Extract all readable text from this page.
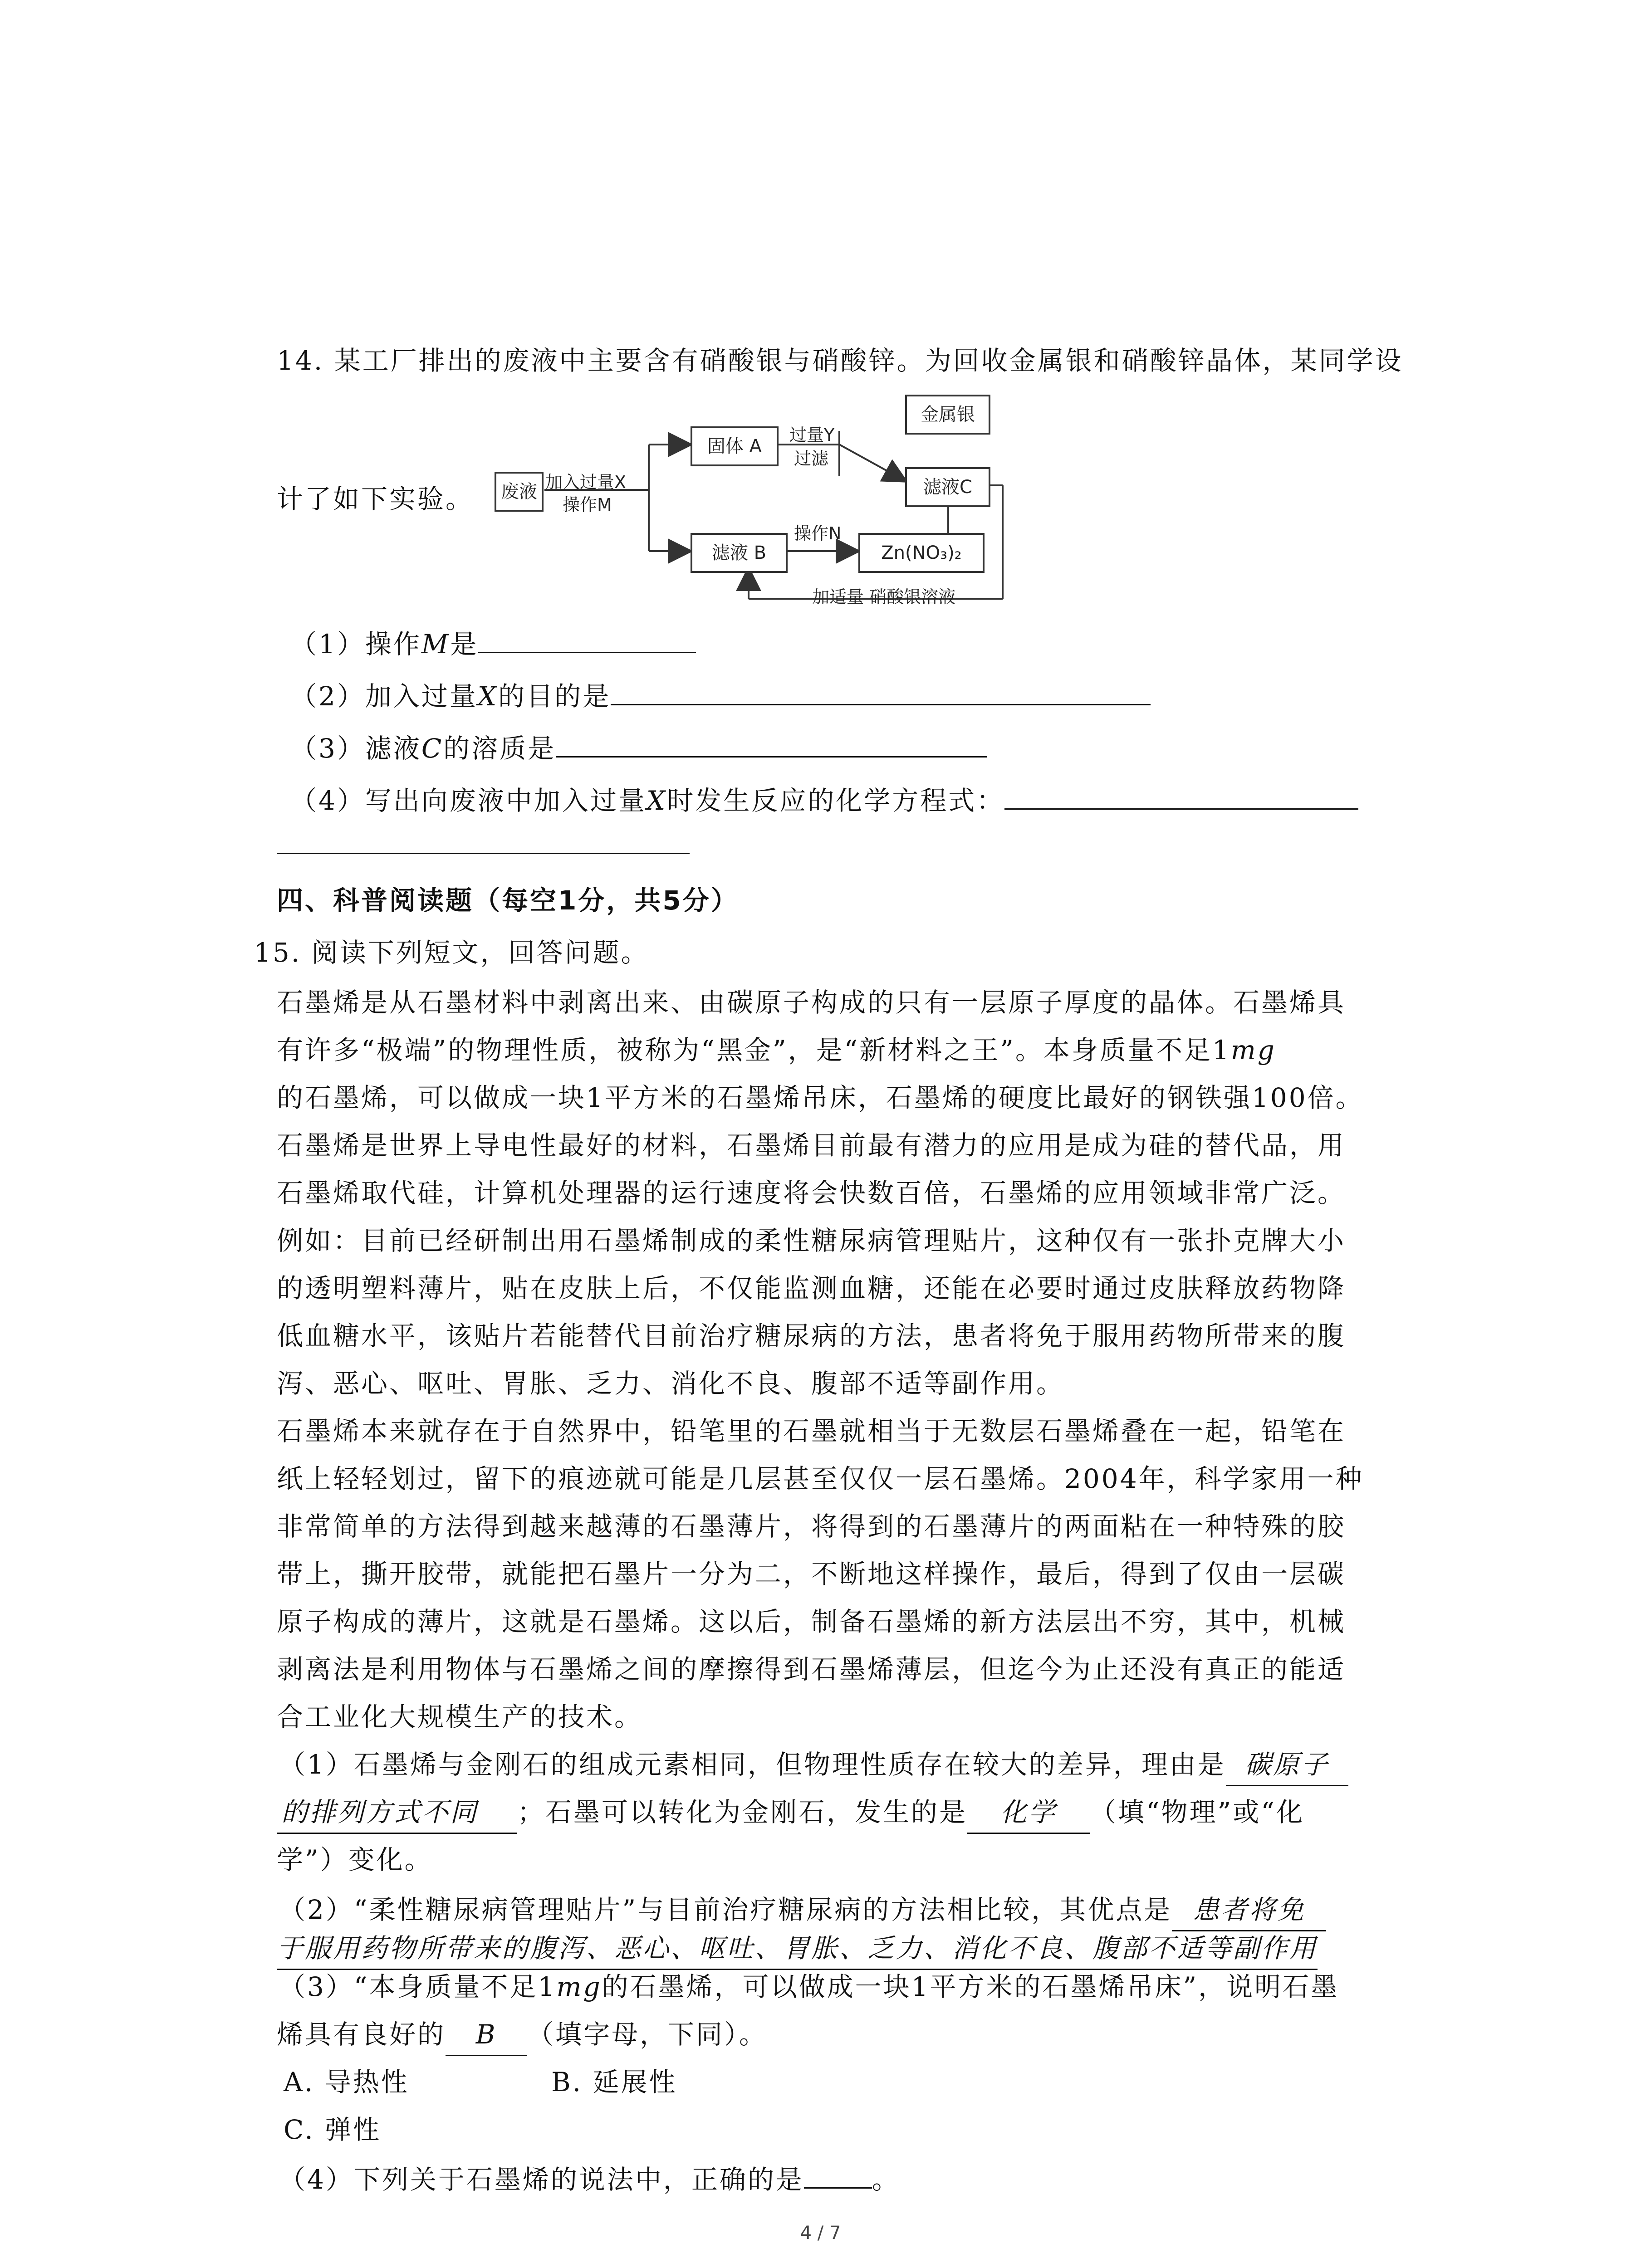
14. 某工厂排出的废液中主要含有硝酸银与硝酸锌。为回收金属银和硝酸锌晶体，某同学设
计了如下实验。	废液 加入过量X
操作M
固体 A
过量Y
过滤
金属银
滤液C
滤液 B
操作N
Zn(NO₃)₂
加适量 硝酸银溶液
（1）操作M是
（2）加入过量X的目的是
（3）滤液C的溶质是
（4）写出向废液中加入过量X时发生反应的化学方程式：
四、科普阅读题（每空1分，共5分）
15. 阅读下列短文，回答问题。
石墨烯是从石墨材料中剥离出来、由碳原子构成的只有一层原子厚度的晶体。石墨烯具
有许多“极端”的物理性质，被称为“黑金”，是“新材料之王”。本身质量不足1mg
的石墨烯，可以做成一块1平方米的石墨烯吊床，石墨烯的硬度比最好的钢铁强100倍。
石墨烯是世界上导电性最好的材料，石墨烯目前最有潜力的应用是成为硅的替代品，用
石墨烯取代硅，计算机处理器的运行速度将会快数百倍，石墨烯的应用领域非常广泛。
例如：目前已经研制出用石墨烯制成的柔性糖尿病管理贴片，这种仅有一张扑克牌大小
的透明塑料薄片，贴在皮肤上后，不仅能监测血糖，还能在必要时通过皮肤释放药物降
低血糖水平，该贴片若能替代目前治疗糖尿病的方法，患者将免于服用药物所带来的腹
泻、恶心、呕吐、胃胀、乏力、消化不良、腹部不适等副作用。
石墨烯本来就存在于自然界中，铅笔里的石墨就相当于无数层石墨烯叠在一起，铅笔在
纸上轻轻划过，留下的痕迹就可能是几层甚至仅仅一层石墨烯。2004年，科学家用一种
非常简单的方法得到越来越薄的石墨薄片，将得到的石墨薄片的两面粘在一种特殊的胶
带上，撕开胶带，就能把石墨片一分为二，不断地这样操作，最后，得到了仅由一层碳
原子构成的薄片，这就是石墨烯。这以后，制备石墨烯的新方法层出不穷，其中，机械
剥离法是利用物体与石墨烯之间的摩擦得到石墨烯薄层，但迄今为止还没有真正的能适
合工业化大规模生产的技术。
（1）石墨烯与金刚石的组成元素相同，但物理性质存在较大的差异，理由是 碳原子
的排列方式不同 ；石墨可以转化为金刚石，发生的是 化学 （填“物理”或“化
学”）变化。
（2）“柔性糖尿病管理贴片”与目前治疗糖尿病的方法相比较，其优点是 患者将免
于服用药物所带来的腹泻、恶心、呕吐、胃胀、乏力、消化不良、腹部不适等副作用
（3）“本身质量不足1mg的石墨烯，可以做成一块1平方米的石墨烯吊床”，说明石墨
烯具有良好的 B （填字母，下同）。
A. 导热性	B. 延展性
C. 弹性
（4）下列关于石墨烯的说法中，正确的是	。
4 / 7
